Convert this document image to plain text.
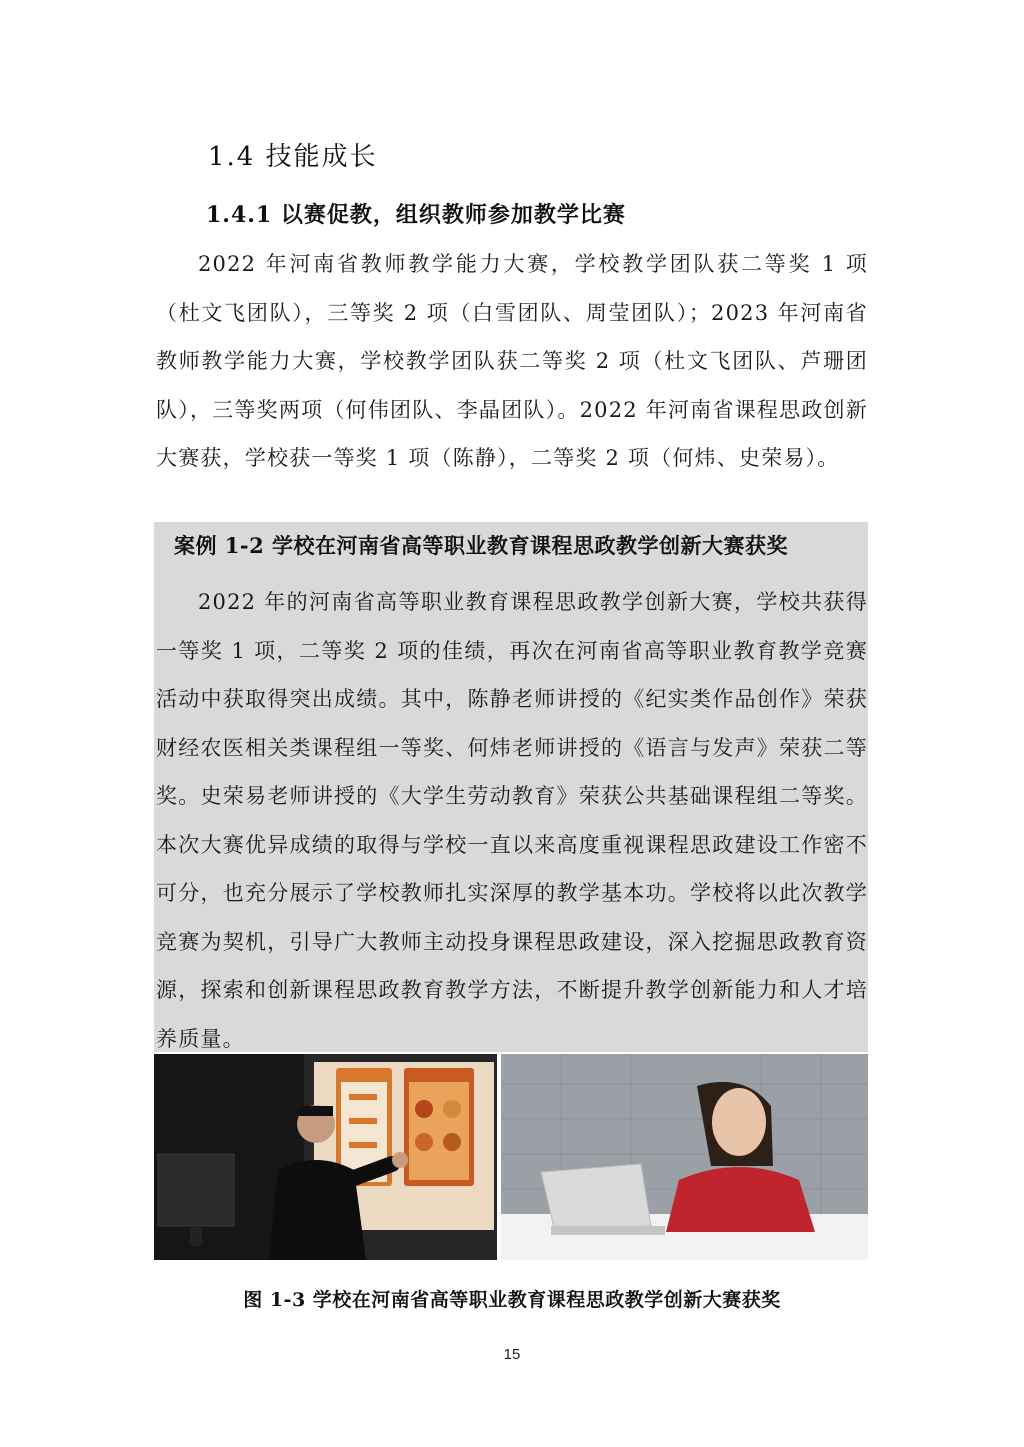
1.4 技能成长
1.4.1 以赛促教，组织教师参加教学比赛

2022 年河南省教师教学能力大赛，学校教学团队获二等奖 1 项（杜文飞团队），三等奖 2 项（白雪团队、周莹团队）；2023 年河南省教师教学能力大赛，学校教学团队获二等奖 2 项（杜文飞团队、芦珊团队），三等奖两项（何伟团队、李晶团队）。2022 年河南省课程思政创新大赛获，学校获一等奖 1 项（陈静），二等奖 2 项（何炜、史荣易）。

案例 1-2 学校在河南省高等职业教育课程思政教学创新大赛获奖

2022 年的河南省高等职业教育课程思政教学创新大赛，学校共获得一等奖 1 项，二等奖 2 项的佳绩，再次在河南省高等职业教育教学竞赛活动中获取得突出成绩。其中，陈静老师讲授的《纪实类作品创作》荣获财经农医相关类课程组一等奖、何炜老师讲授的《语言与发声》荣获二等奖。史荣易老师讲授的《大学生劳动教育》荣获公共基础课程组二等奖。本次大赛优异成绩的取得与学校一直以来高度重视课程思政建设工作密不可分，也充分展示了学校教师扎实深厚的教学基本功。学校将以此次教学竞赛为契机，引导广大教师主动投身课程思政建设，深入挖掘思政教育资源，探索和创新课程思政教育教学方法，不断提升教学创新能力和人才培养质量。

图 1-3 学校在河南省高等职业教育课程思政教学创新大赛获奖
15
